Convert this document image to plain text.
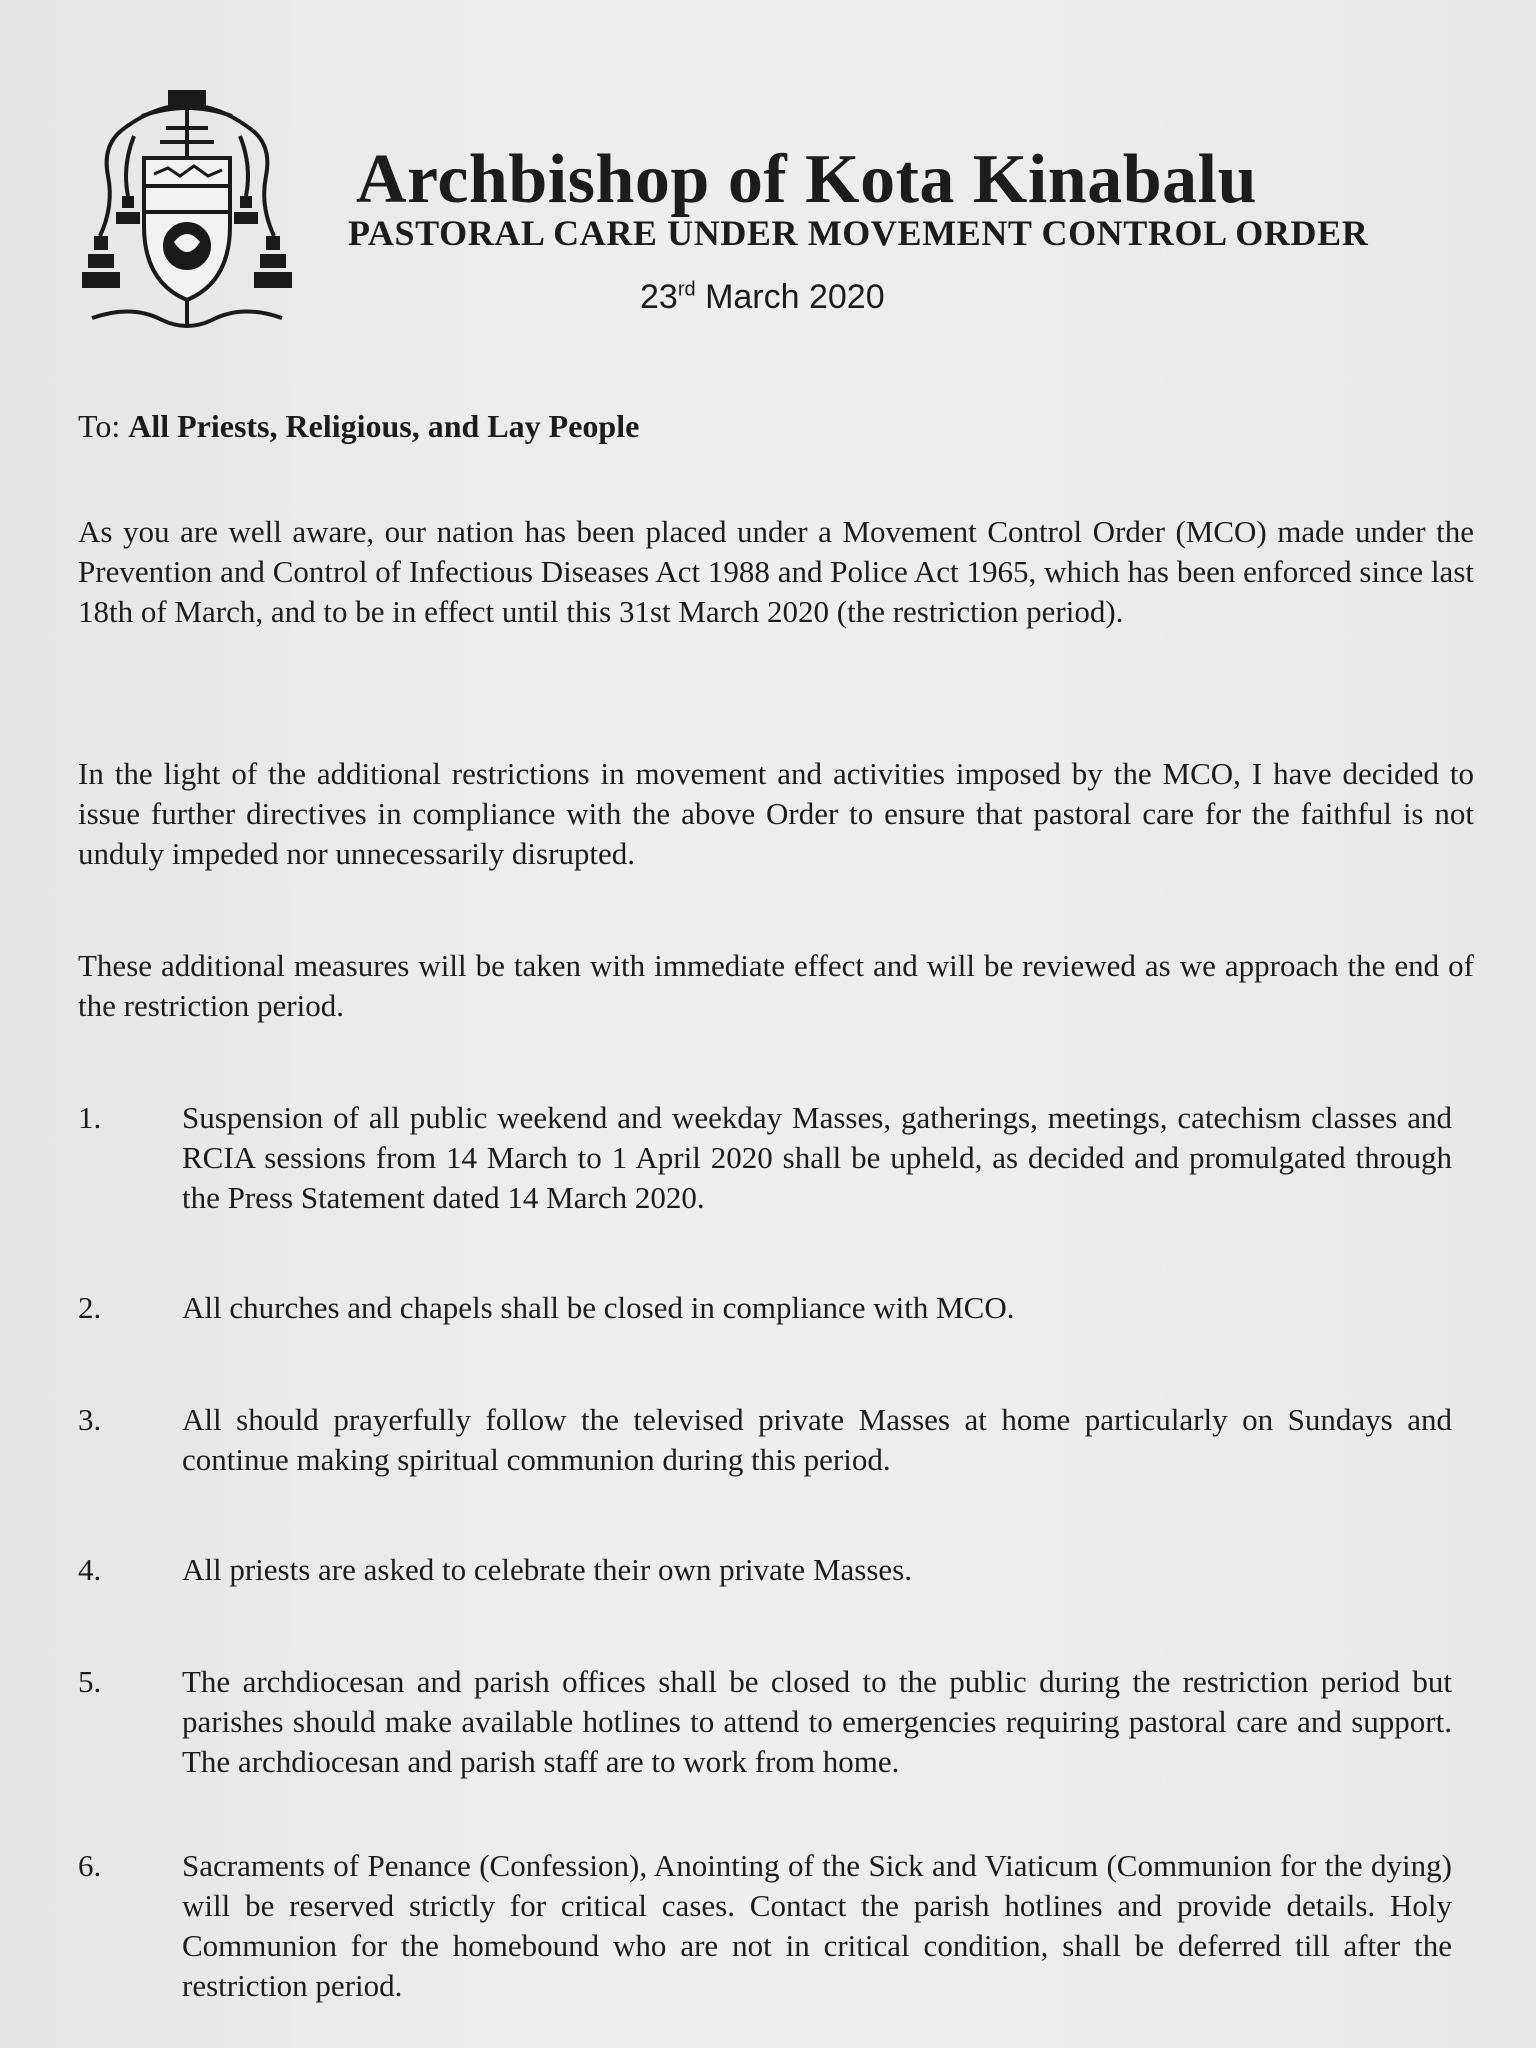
Archbishop of Kota Kinabalu
PASTORAL CARE UNDER MOVEMENT CONTROL ORDER
23rd March 2020
To: All Priests, Religious, and Lay People
As you are well aware, our nation has been placed under a Movement Control Order (MCO) made under the Prevention and Control of Infectious Diseases Act 1988 and Police Act 1965, which has been enforced since last 18th of March, and to be in effect until this 31st March 2020 (the restriction period).
In the light of the additional restrictions in movement and activities imposed by the MCO, I have decided to issue further directives in compliance with the above Order to ensure that pastoral care for the faithful is not unduly impeded nor unnecessarily disrupted.
These additional measures will be taken with immediate effect and will be reviewed as we approach the end of the restriction period.
1.	Suspension of all public weekend and weekday Masses, gatherings, meetings, catechism classes and RCIA sessions from 14 March to 1 April 2020 shall be upheld, as decided and promulgated through the Press Statement dated 14 March 2020.
2.	All churches and chapels shall be closed in compliance with MCO.
3.	All should prayerfully follow the televised private Masses at home particularly on Sundays and continue making spiritual communion during this period.
4.	All priests are asked to celebrate their own private Masses.
5.	The archdiocesan and parish offices shall be closed to the public during the restriction period but parishes should make available hotlines to attend to emergencies requiring pastoral care and support. The archdiocesan and parish staff are to work from home.
6.	Sacraments of Penance (Confession), Anointing of the Sick and Viaticum (Communion for the dying) will be reserved strictly for critical cases. Contact the parish hotlines and provide details. Holy Communion for the homebound who are not in critical condition, shall be deferred till after the restriction period.
